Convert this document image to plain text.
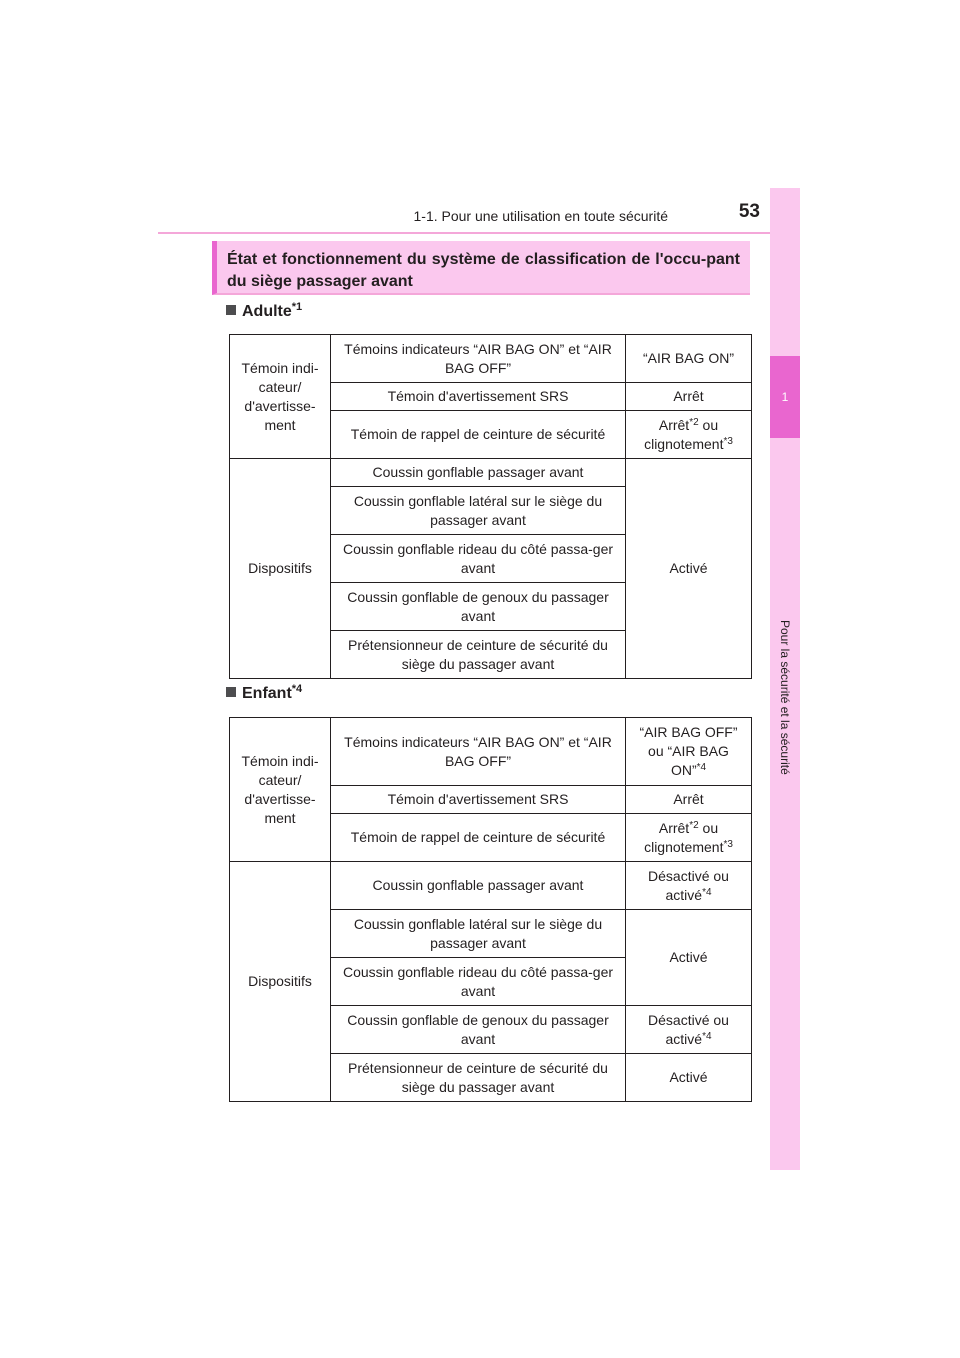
1-1. Pour une utilisation en toute sécurité	53
1
Pour la sécurité et la sécurité
État et fonctionnement du système de classification de l'occu-pant du siège passager avant
Adulte$^{*1}$
Témoin indi-cateur/ d'avertisse-ment	Témoins indicateurs “AIR BAG ON” et “AIR BAG OFF”	“AIR BAG ON”
	Témoin d'avertissement SRS	Arrêt
	Témoin de rappel de ceinture de sécurité	Arrêt$^{*2}$ ou clignotement$^{*3}$
Dispositifs	Coussin gonflable passager avant	Activé
	Coussin gonflable latéral sur le siège du passager avant	
	Coussin gonflable rideau du côté passa-ger avant	
	Coussin gonflable de genoux du passager avant	
	Prétensionneur de ceinture de sécurité du siège du passager avant	
Enfant$^{*4}$
Témoin indi-cateur/ d'avertisse-ment	Témoins indicateurs “AIR BAG ON” et “AIR BAG OFF”	“AIR BAG OFF” ou “AIR BAG ON”$^{*4}$
	Témoin d'avertissement SRS	Arrêt
	Témoin de rappel de ceinture de sécurité	Arrêt$^{*2}$ ou clignotement$^{*3}$
Dispositifs	Coussin gonflable passager avant	Désactivé ou activé$^{*4}$
	Coussin gonflable latéral sur le siège du passager avant	Activé
	Coussin gonflable rideau du côté passa-ger avant	
	Coussin gonflable de genoux du passager avant	Désactivé ou activé$^{*4}$
	Prétensionneur de ceinture de sécurité du siège du passager avant	Activé
